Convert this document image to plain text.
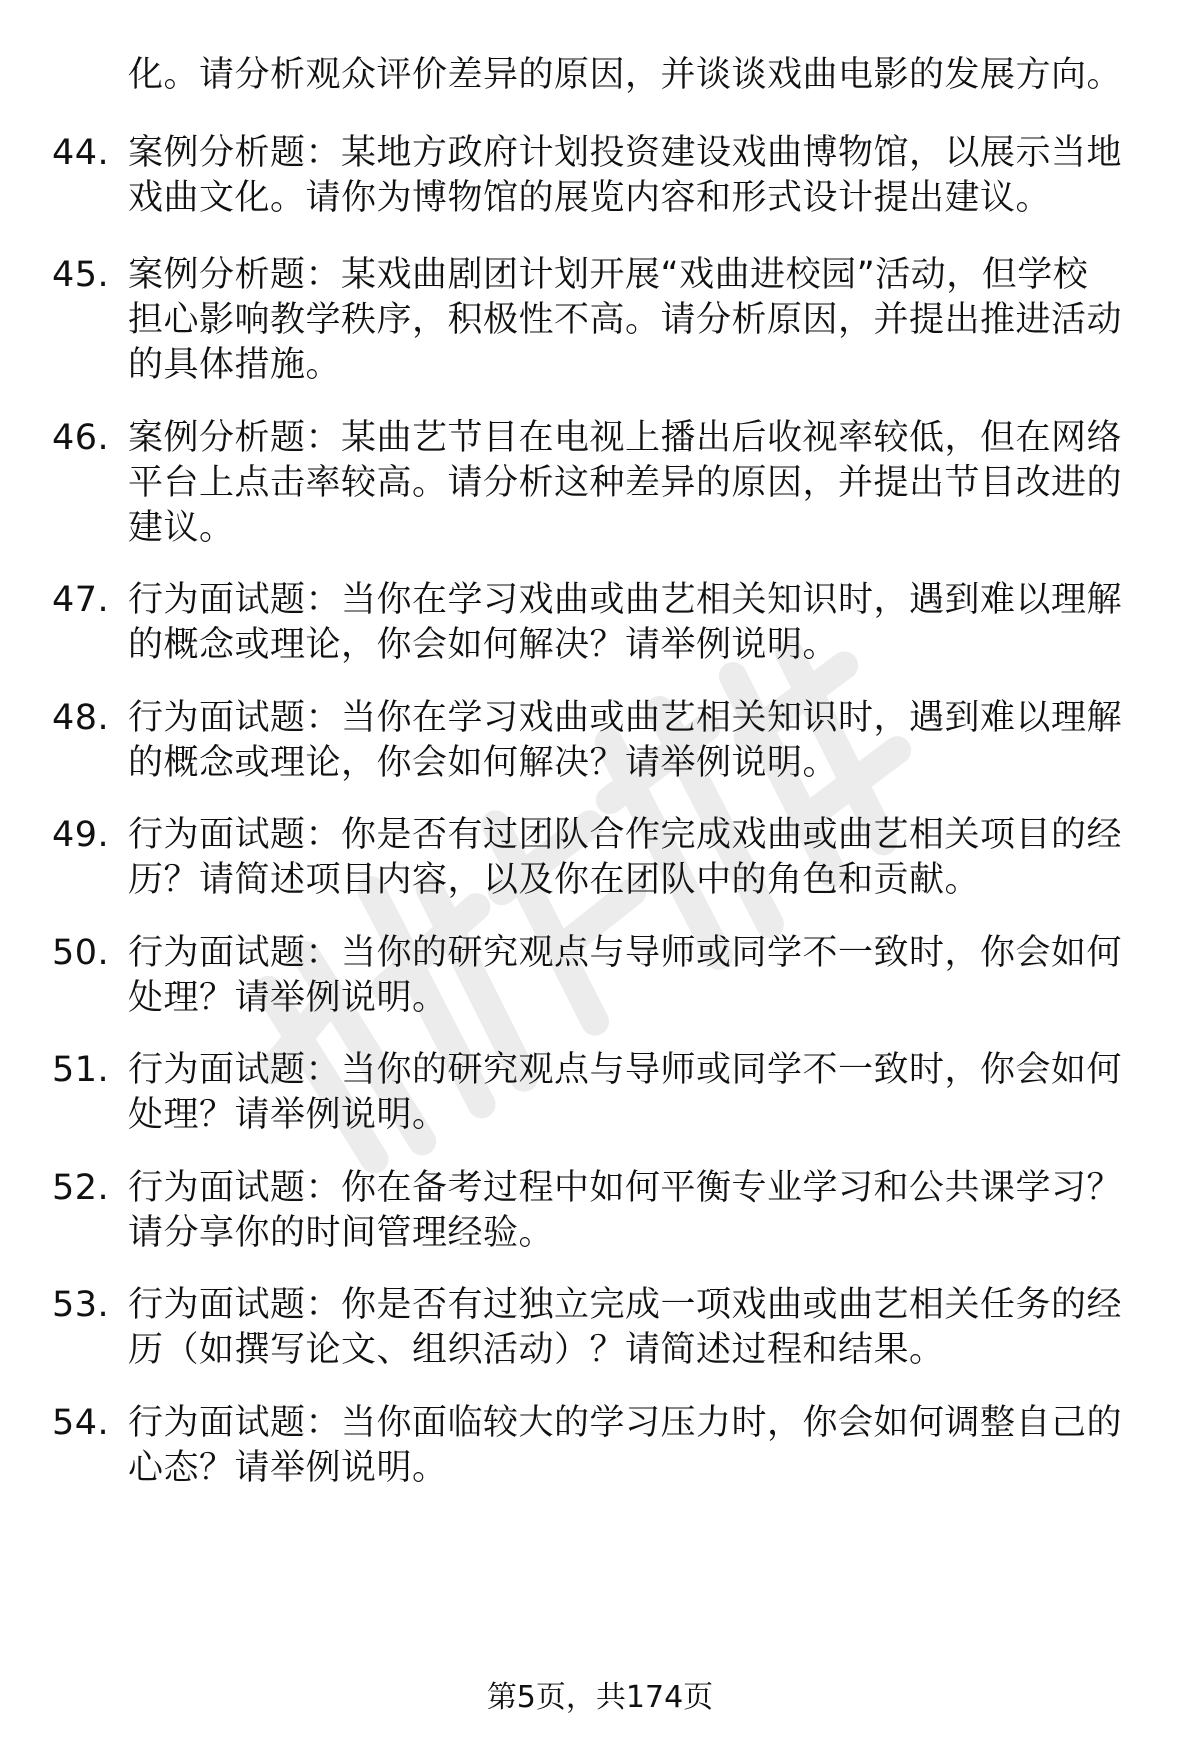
化。请分析观众评价差异的原因，并谈谈戏曲电影的发展方向。
44. 案例分析题：某地方政府计划投资建设戏曲博物馆，以展示当地
戏曲文化。请你为博物馆的展览内容和形式设计提出建议。
45. 案例分析题：某戏曲剧团计划开展“戏曲进校园”活动，但学校
担心影响教学秩序，积极性不高。请分析原因，并提出推进活动
的具体措施。
46. 案例分析题：某曲艺节目在电视上播出后收视率较低，但在网络
平台上点击率较高。请分析这种差异的原因，并提出节目改进的
建议。
47. 行为面试题：当你在学习戏曲或曲艺相关知识时，遇到难以理解
的概念或理论，你会如何解决？请举例说明。
48. 行为面试题：当你在学习戏曲或曲艺相关知识时，遇到难以理解
的概念或理论，你会如何解决？请举例说明。
49. 行为面试题：你是否有过团队合作完成戏曲或曲艺相关项目的经
历？请简述项目内容，以及你在团队中的角色和贡献。
50. 行为面试题：当你的研究观点与导师或同学不一致时，你会如何
处理？请举例说明。
51. 行为面试题：当你的研究观点与导师或同学不一致时，你会如何
处理？请举例说明。
52. 行为面试题：你在备考过程中如何平衡专业学习和公共课学习？
请分享你的时间管理经验。
53. 行为面试题：你是否有过独立完成一项戏曲或曲艺相关任务的经
历（如撰写论文、组织活动）？请简述过程和结果。
54. 行为面试题：当你面临较大的学习压力时，你会如何调整自己的
心态？请举例说明。
第5页，共174页
